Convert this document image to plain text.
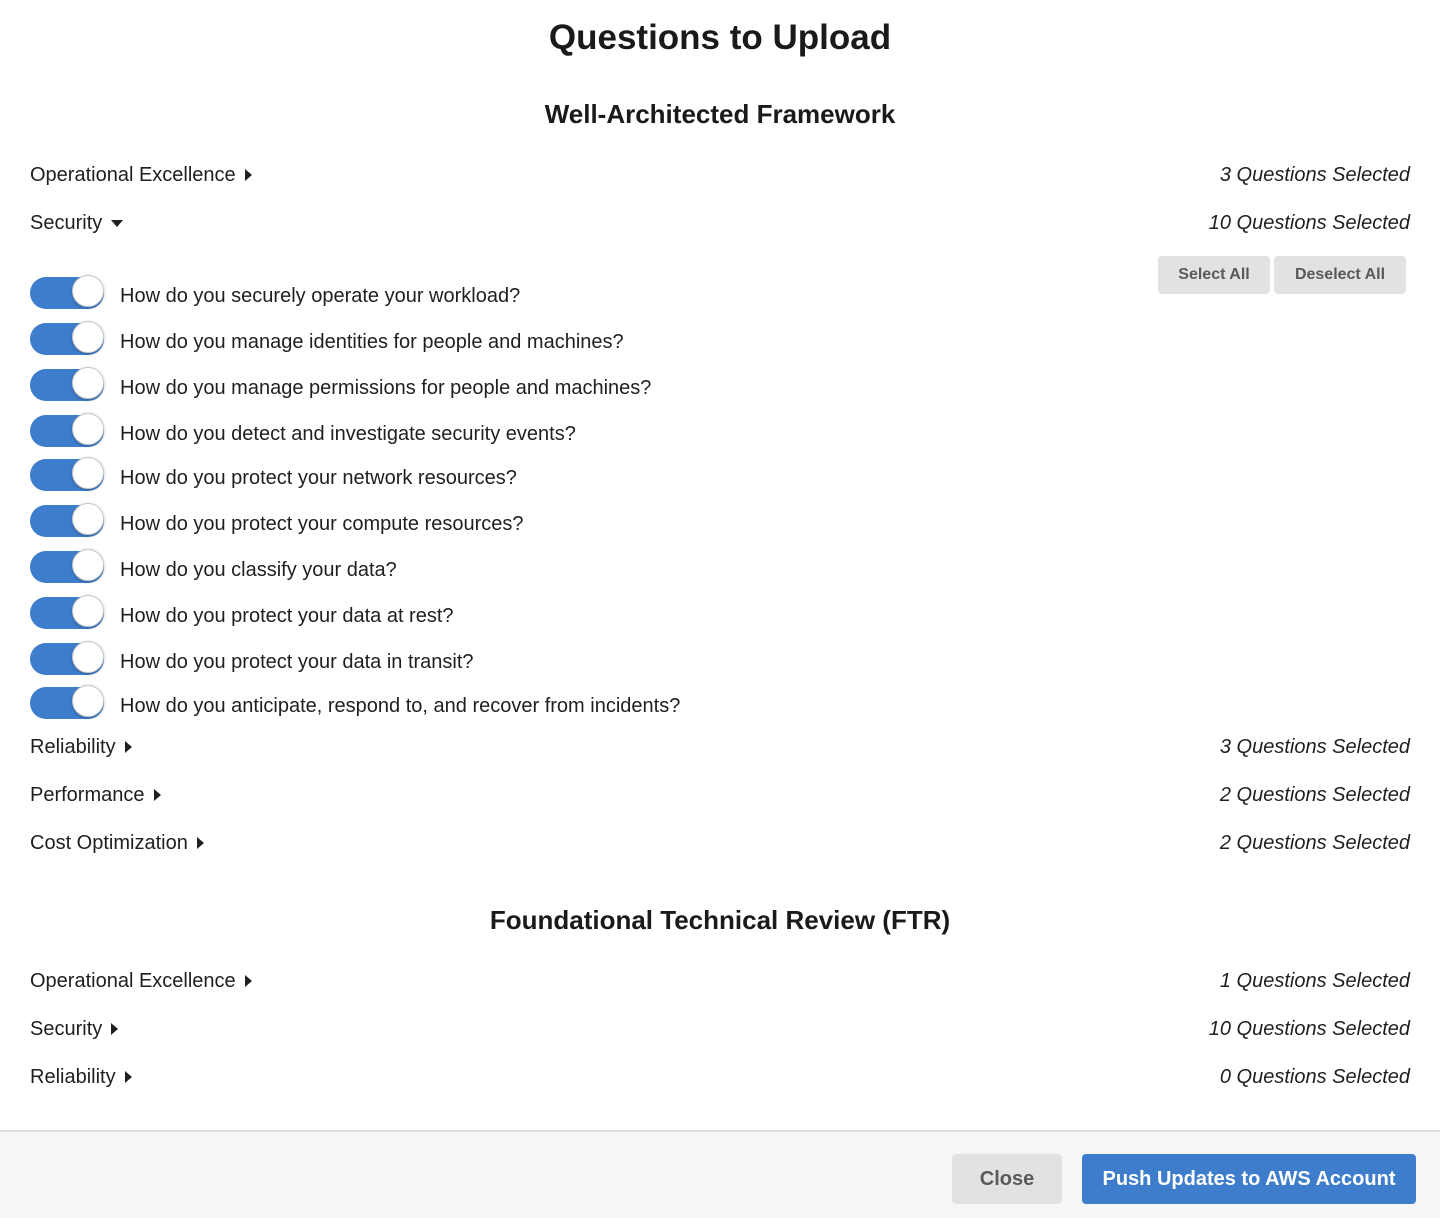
Questions to Upload
Well-Architected Framework
Operational Excellence	3 Questions Selected
Security	10 Questions Selected
Select All	Deselect All
How do you securely operate your workload?
How do you manage identities for people and machines?
How do you manage permissions for people and machines?
How do you detect and investigate security events?
How do you protect your network resources?
How do you protect your compute resources?
How do you classify your data?
How do you protect your data at rest?
How do you protect your data in transit?
How do you anticipate, respond to, and recover from incidents?
Reliability	3 Questions Selected
Performance	2 Questions Selected
Cost Optimization	2 Questions Selected
Foundational Technical Review (FTR)
Operational Excellence	1 Questions Selected
Security	10 Questions Selected
Reliability	0 Questions Selected
Close	Push Updates to AWS Account
